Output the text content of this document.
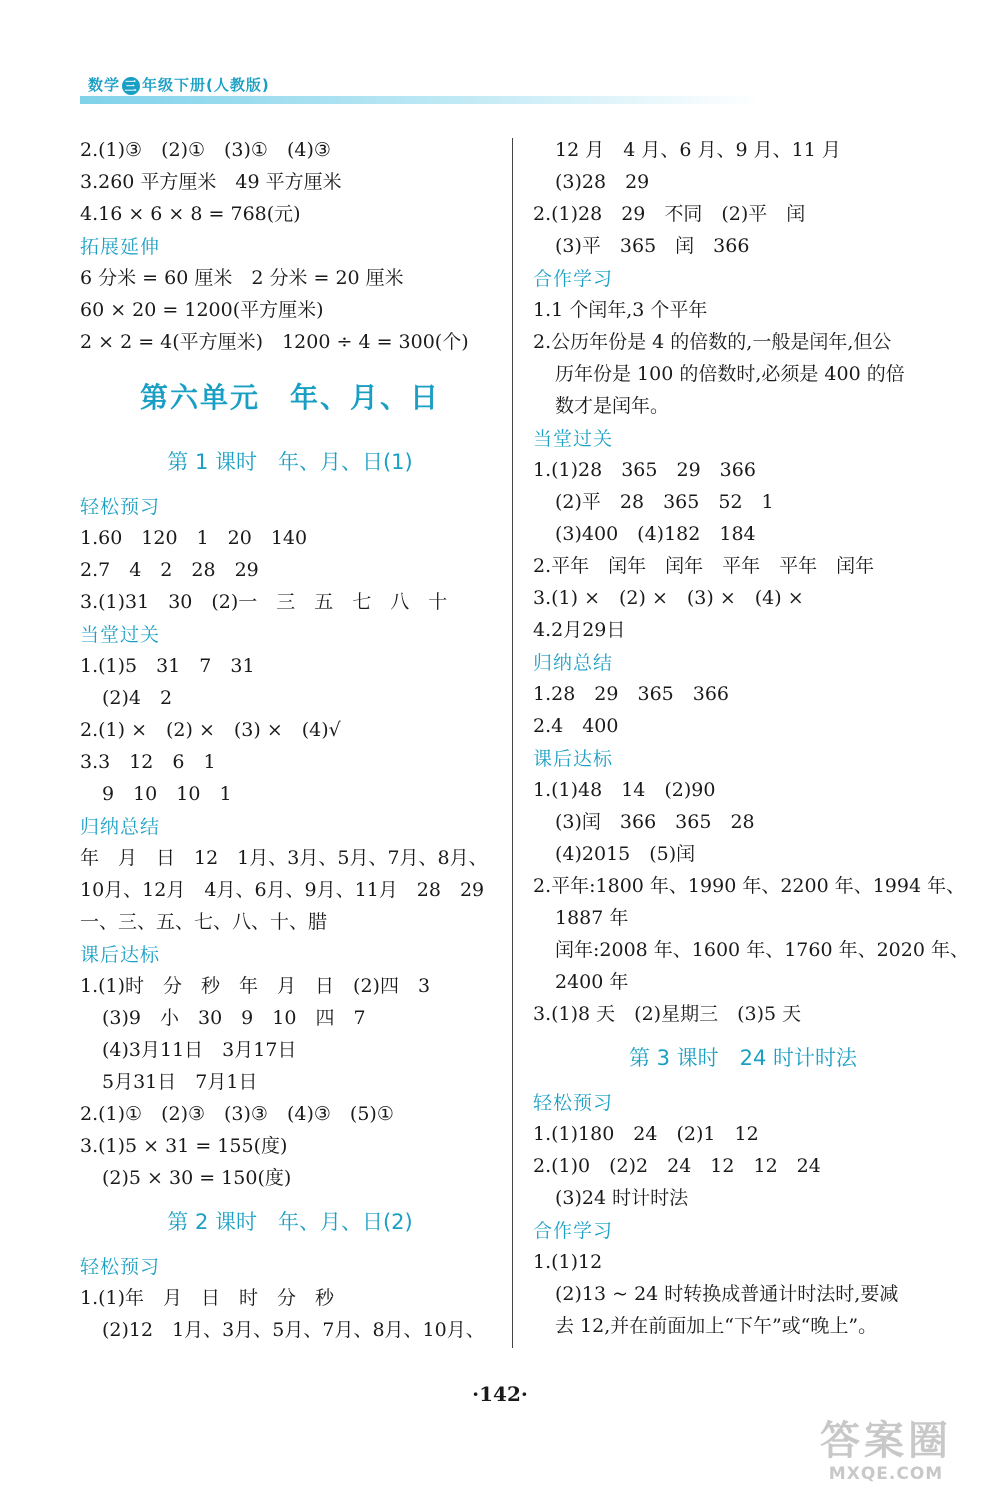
数学 三 年级下册(人教版)
2.(1)③　(2)①　(3)①　(4)③
3.260 平方厘米　49 平方厘米
4.16 × 6 × 8 = 768(元)
拓展延伸
6 分米 = 60 厘米　2 分米 = 20 厘米
60 × 20 = 1200(平方厘米)
2 × 2 = 4(平方厘米)　1200 ÷ 4 = 300(个)
第六单元　年、月、日
第 1 课时　年、月、日(1)
轻松预习
1.60　120　1　20　140
2.7　4　2　28　29
3.(1)31　30　(2)一　三　五　七　八　十
当堂过关
1.(1)5　31　7　31
(2)4　2
2.(1) ×　(2) ×　(3) ×　(4)√
3.3　12　6　1
9　10　10　1
归纳总结
年　月　日　12　1月、3月、5月、7月、8月、
10月、12月　4月、6月、9月、11月　28　29
一、三、五、七、八、十、腊
课后达标
1.(1)时　分　秒　年　月　日　(2)四　3
(3)9　小　30　9　10　四　7
(4)3月11日　3月17日
5月31日　7月1日
2.(1)①　(2)③　(3)③　(4)③　(5)①
3.(1)5 × 31 = 155(度)
(2)5 × 30 = 150(度)
第 2 课时　年、月、日(2)
轻松预习
1.(1)年　月　日　时　分　秒
(2)12　1月、3月、5月、7月、8月、10月、
12 月　4 月、6 月、9 月、11 月
(3)28　29
2.(1)28　29　不同　(2)平　闰
(3)平　365　闰　366
合作学习
1.1 个闰年,3 个平年
2.公历年份是 4 的倍数的,一般是闰年,但公
历年份是 100 的倍数时,必须是 400 的倍
数才是闰年。
当堂过关
1.(1)28　365　29　366
(2)平　28　365　52　1
(3)400　(4)182　184
2.平年　闰年　闰年　平年　平年　闰年
3.(1) ×　(2) ×　(3) ×　(4) ×
4.2月29日
归纳总结
1.28　29　365　366
2.4　400
课后达标
1.(1)48　14　(2)90
(3)闰　366　365　28
(4)2015　(5)闰
2.平年:1800 年、1990 年、2200 年、1994 年、
1887 年
闰年:2008 年、1600 年、1760 年、2020 年、
2400 年
3.(1)8 天　(2)星期三　(3)5 天
第 3 课时　24 时计时法
轻松预习
1.(1)180　24　(2)1　12
2.(1)0　(2)2　24　12　12　24
(3)24 时计时法
合作学习
1.(1)12
(2)13 ~ 24 时转换成普通计时法时,要减
去 12,并在前面加上“下午”或“晚上”。
·142·
答案圈
MXQE.COM
